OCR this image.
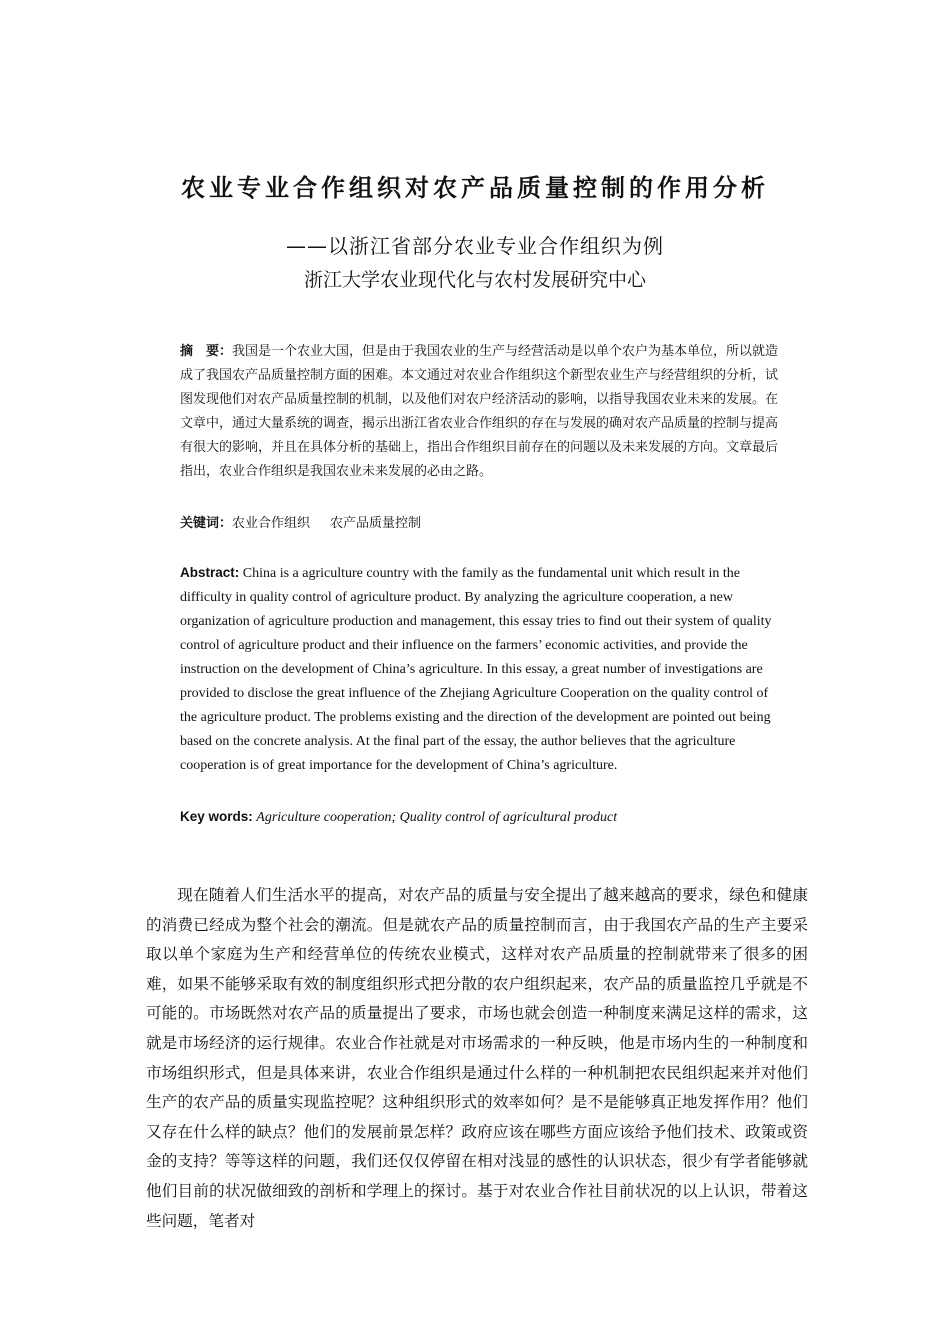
农业专业合作组织对农产品质量控制的作用分析
——以浙江省部分农业专业合作组织为例
浙江大学农业现代化与农村发展研究中心

摘　要：我国是一个农业大国，但是由于我国农业的生产与经营活动是以单个农户为基本单位，所以就造成了我国农产品质量控制方面的困难。本文通过对农业合作组织这个新型农业生产与经营组织的分析，试图发现他们对农产品质量控制的机制，以及他们对农户经济活动的影响，以指导我国农业未来的发展。在文章中，通过大量系统的调查，揭示出浙江省农业合作组织的存在与发展的确对农产品质量的控制与提高有很大的影响，并且在具体分析的基础上，指出合作组织目前存在的问题以及未来发展的方向。文章最后指出，农业合作组织是我国农业未来发展的必由之路。

关键词：农业合作组织 农产品质量控制

Abstract: China is a agriculture country with the family as the fundamental unit which result in the difficulty in quality control of agriculture product. By analyzing the agriculture cooperation, a new organization of agriculture production and management, this essay tries to find out their system of quality control of agriculture product and their influence on the farmers’ economic activities, and provide the instruction on the development of China’s agriculture. In this essay, a great number of investigations are provided to disclose the great influence of the Zhejiang Agriculture Cooperation on the quality control of the agriculture product. The problems existing and the direction of the development are pointed out being based on the concrete analysis. At the final part of the essay, the author believes that the agriculture cooperation is of great importance for the development of China’s agriculture.

Key words: Agriculture cooperation; Quality control of agricultural product

现在随着人们生活水平的提高，对农产品的质量与安全提出了越来越高的要求，绿色和健康的消费已经成为整个社会的潮流。但是就农产品的质量控制而言，由于我国农产品的生产主要采取以单个家庭为生产和经营单位的传统农业模式，这样对农产品质量的控制就带来了很多的困难，如果不能够采取有效的制度组织形式把分散的农户组织起来，农产品的质量监控几乎就是不可能的。市场既然对农产品的质量提出了要求，市场也就会创造一种制度来满足这样的需求，这就是市场经济的运行规律。农业合作社就是对市场需求的一种反映，他是市场内生的一种制度和市场组织形式，但是具体来讲，农业合作组织是通过什么样的一种机制把农民组织起来并对他们生产的农产品的质量实现监控呢？这种组织形式的效率如何？是不是能够真正地发挥作用？他们又存在什么样的缺点？他们的发展前景怎样？政府应该在哪些方面应该给予他们技术、政策或资金的支持？等等这样的问题，我们还仅仅停留在相对浅显的感性的认识状态，很少有学者能够就他们目前的状况做细致的剖析和学理上的探讨。基于对农业合作社目前状况的以上认识，带着这些问题，笔者对
